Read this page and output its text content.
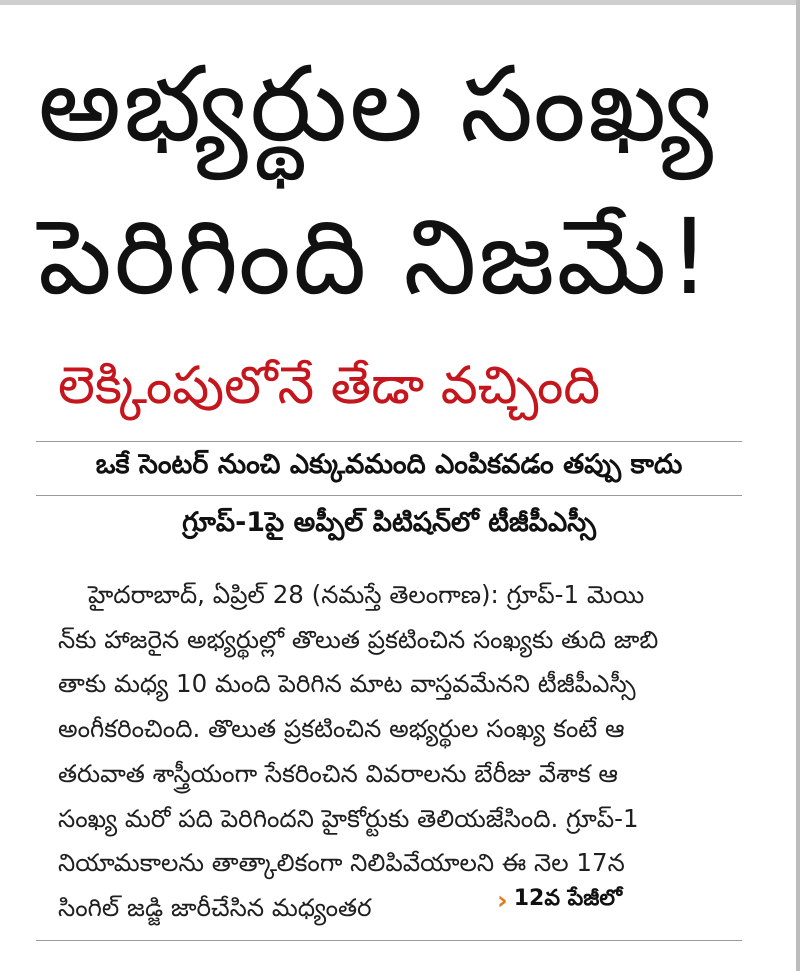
అభ్యర్థుల సంఖ్య
పెరిగింది నిజమే!
లెక్కింపులోనే తేడా వచ్చింది

ఒకే సెంటర్ నుంచి ఎక్కువమంది ఎంపికవడం తప్పు కాదు

గ్రూప్-1పై అప్పీల్ పిటిషన్‌లో టీజీపీఎస్సీ

హైదరాబాద్, ఏప్రిల్ 28 (నమస్తే తెలంగాణ): గ్రూప్-1 మెయి
న్‌కు హాజరైన అభ్యర్థుల్లో తొలుత ప్రకటించిన సంఖ్యకు తుది జాబి
తాకు మధ్య 10 మంది పెరిగిన మాట వాస్తవమేనని టీజీపీఎస్సీ
అంగీకరించింది. తొలుత ప్రకటించిన అభ్యర్థుల సంఖ్య కంటే ఆ
తరువాత శాస్త్రీయంగా సేకరించిన వివరాలను బేరీజు వేశాక ఆ
సంఖ్య మరో పది పెరిగిందని హైకోర్టుకు తెలియజేసింది. గ్రూప్-1
నియామకాలను తాత్కాలికంగా నిలిపివేయాలని ఈ నెల 17న
సింగిల్ జడ్జి జారీచేసిన మధ్యంతర	› 12వ పేజీలో
